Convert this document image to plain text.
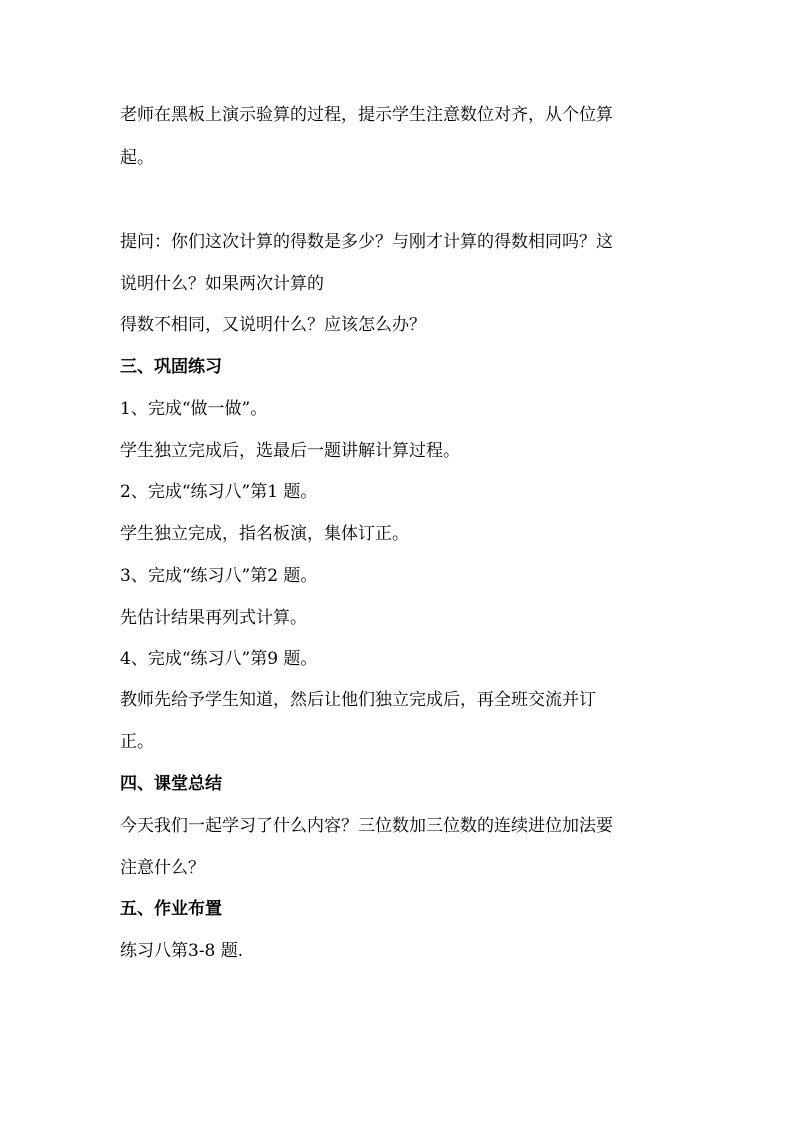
老师在黑板上演示验算的过程，提示学生注意数位对齐，从个位算
起。
提问：你们这次计算的得数是多少？与刚才计算的得数相同吗？这
说明什么？如果两次计算的
得数不相同，又说明什么？应该怎么办？
三、巩固练习
1、完成“做一做”。
学生独立完成后，选最后一题讲解计算过程。
2、完成“练习八”第1 题。
学生独立完成，指名板演，集体订正。
3、完成“练习八”第2 题。
先估计结果再列式计算。
4、完成“练习八”第9 题。
教师先给予学生知道，然后让他们独立完成后，再全班交流并订
正。
四、课堂总结
今天我们一起学习了什么内容？三位数加三位数的连续进位加法要
注意什么？
五、作业布置
练习八第3-8 题.
